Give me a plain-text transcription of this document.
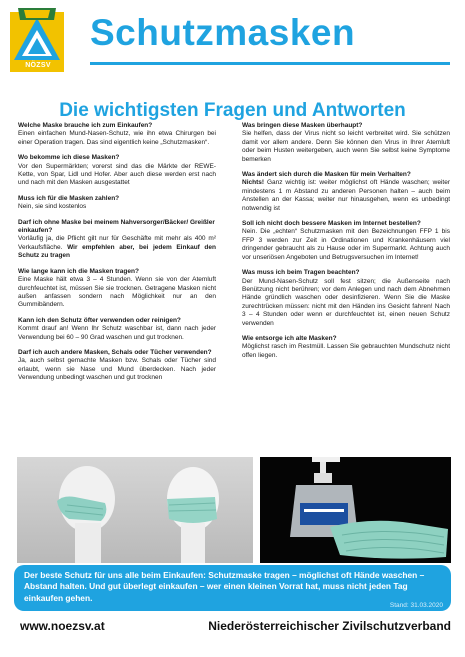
NÖZSV
Schutzmasken
Die wichtigsten Fragen und Antworten
Welche Maske brauche ich zum Einkaufen?
Einen einfachen Mund-Nasen-Schutz, wie ihn etwa Chirurgen bei einer Operation tragen. Das sind eigentlich keine „Schutzmasken“.
Wo bekomme ich diese Masken?
Vor den Supermärkten; vorerst sind das die Märkte der REWE-Kette, von Spar, Lidl und Hofer. Aber auch diese werden erst nach und nach mit den Masken ausgestattet
Muss ich für die Masken zahlen?
Nein, sie sind kostenlos
Darf ich ohne Maske bei meinem Nahversorger/Bäcker/ Greißler einkaufen?
Vorläufig ja, die Pflicht gilt nur für Geschäfte mit mehr als 400 m² Verkaufsfläche. Wir empfehlen aber, bei jedem Einkauf den Schutz zu tragen
Wie lange kann ich die Masken tragen?
Eine Maske hält etwa 3 – 4 Stunden. Wenn sie von der Atemluft durchfeuchtet ist, müssen Sie sie trocknen. Getragene Masken nicht außen anfassen sondern nach Möglichkeit nur an den Gummibändern.
Kann ich den Schutz öfter verwenden oder reinigen?
Kommt drauf an! Wenn Ihr Schutz waschbar ist, dann nach jeder Verwendung bei 60 – 90 Grad waschen und gut trocknen.
Darf ich auch andere Masken, Schals oder Tücher verwenden?
Ja, auch selbst gemachte Masken bzw. Schals oder Tücher sind erlaubt, wenn sie Nase und Mund überdecken. Nach jeder Verwendung unbedingt waschen und gut trocknen
Was bringen diese Masken überhaupt?
Sie helfen, dass der Virus nicht so leicht verbreitet wird. Sie schützen damit vor allem andere. Denn Sie können den Virus in Ihrer Atemluft oder beim Husten weitergeben, auch wenn Sie selbst keine Symptome bemerken
Was ändert sich durch die Masken für mein Verhalten?
Nichts! Ganz wichtig ist: weiter möglichst oft Hände waschen; weiter mindestens 1 m Abstand zu anderen Personen halten – auch beim Anstellen an der Kassa; weiter nur hinausgehen, wenn es unbedingt notwendig ist
Soll ich nicht doch bessere Masken im Internet bestellen?
Nein. Die „echten“ Schutzmasken mit den Bezeichnungen FFP 1 bis FFP 3 werden zur Zeit in Ordinationen und Krankenhäusern viel dringender gebraucht als zu Hause oder im Supermarkt. Achtung auch vor unseriösen Angeboten und Betrugsversuchen im Internet!
Was muss ich beim Tragen beachten?
Der Mund-Nasen-Schutz soll fest sitzen; die Außenseite nach Benützung nicht berühren; vor dem Anlegen und nach dem Abnehmen Hände gründlich waschen oder desinfizieren. Wenn Sie die Maske zurechtrücken müssen: nicht mit den Händen ins Gesicht fahren! Nach 3 – 4 Stunden oder wenn er durchfeuchtet ist, einen neuen Schutz verwenden
Wie entsorge ich alte Masken?
Möglichst rasch im Restmüll. Lassen Sie gebrauchten Mundschutz nicht offen liegen.
Der beste Schutz für uns alle beim Einkaufen: Schutzmaske tragen – möglichst oft Hände waschen – Abstand halten. Und gut überlegt einkaufen – wer einen kleinen Vorrat hat, muss nicht jeden Tag einkaufen gehen.
Stand: 31.03.2020
www.noezsv.at	Niederösterreichischer Zivilschutzverband
